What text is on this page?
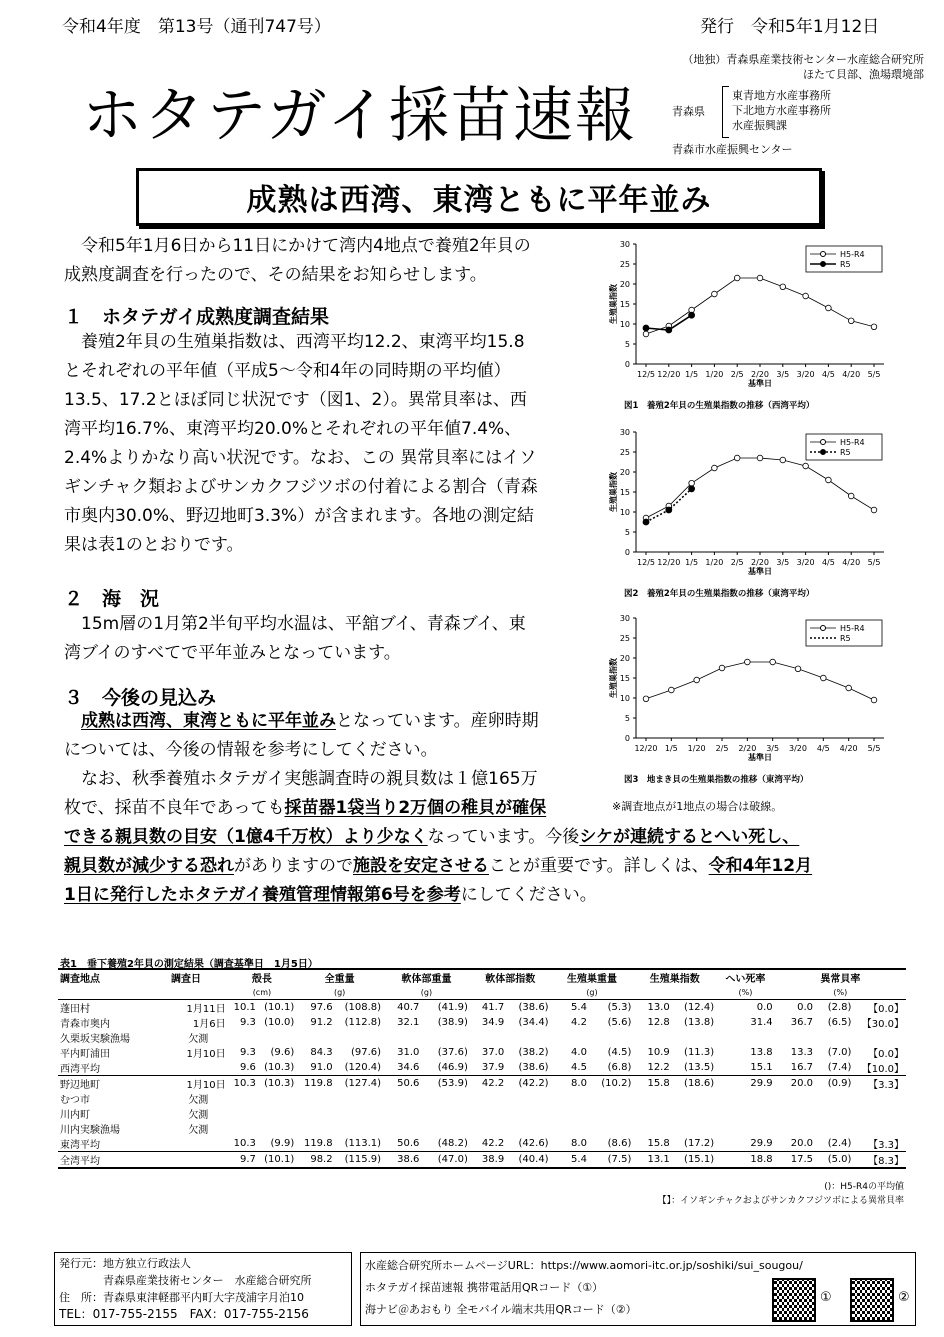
令和4年度　第13号（通刊747号）	発行　令和5年1月12日
ホタテガイ採苗速報
（地独）青森県産業技術センター水産総合研究所
ほたて貝部、漁場環境部
青森県
東青地方水産事務所
下北地方水産事務所
水産振興課
青森市水産振興センター
成熟は西湾、東湾ともに平年並み
令和5年1月6日から11日にかけて湾内4地点で養殖2年貝の
成熟度調査を行ったので、その結果をお知らせします。
１　ホタテガイ成熟度調査結果
養殖2年貝の生殖巣指数は、西湾平均12.2、東湾平均15.8
とそれぞれの平年値（平成5～令和4年の同時期の平均値）
13.5、17.2とほぼ同じ状況です（図1、2）。異常貝率は、西
湾平均16.7%、東湾平均20.0%とそれぞれの平年値7.4%、
2.4%よりかなり高い状況です。なお、この 異常貝率にはイソ
ギンチャク類およびサンカクフジツボの付着による割合（青森
市奥内30.0%、野辺地町3.3%）が含まれます。各地の測定結
果は表1のとおりです。
２　海　況
15m層の1月第2半旬平均水温は、平舘ブイ、青森ブイ、東
湾ブイのすべてで平年並みとなっています。
３　今後の見込み
成熟は西湾、東湾ともに平年並みとなっています。産卵時期
については、今後の情報を参考にしてください。
なお、秋季養殖ホタテガイ実態調査時の親貝数は１億165万
枚で、採苗不良年であっても採苗器1袋当り2万個の稚貝が確保
できる親貝数の目安（1億4千万枚）より少なくなっています。今後シケが連続するとへい死し、
親貝数が減少する恐れがありますので施設を安定させることが重要です。詳しくは、令和4年12月
1日に発行したホタテガイ養殖管理情報第6号を参考にしてください。
0
5
10
15
20
25
30
12/5 12/20 1/5 1/20 2/5 2/20 3/5 3/20 4/5 4/20 5/5
基準日
生殖巣指数
図1　養殖2年貝の生殖巣指数の推移（西湾平均）
H5-R4
R5
0
5
10
15
20
25
30
12/5 12/20 1/5 1/20 2/5 2/20 3/5 3/20 4/5 4/20 5/5
基準日
生殖巣指数
図2　養殖2年貝の生殖巣指数の推移（東湾平均）
H5-R4
R5
0
5
10
15
20
25
30
12/20 1/5 1/20 2/5 2/20 3/5 3/20 4/5 4/20 5/5
基準日
生殖巣指数
図3　地まき貝の生殖巣指数の推移（東湾平均）
H5-R4
R5
※調査地点が1地点の場合は破線。
表1　垂下養殖2年貝の測定結果（調査基準日　1月5日）
調査地点	調査日	殻長		全重量		軟体部重量		軟体部指数		生殖巣重量		生殖巣指数		へい死率	異常貝率		
		(cm)		(g)		(g)				(g)				(%)	(%)		
蓬田村	1月11日	10.1	(10.1)	97.6	(108.8)	40.7	(41.9)	41.7	(38.6)	5.4	(5.3)	13.0	(12.4)	0.0	0.0	(2.8)	【0.0】
青森市奥内	1月6日	9.3	(10.0)	91.2	(112.8)	32.1	(38.9)	34.9	(34.4)	4.2	(5.6)	12.8	(13.8)	31.4	36.7	(6.5)	【30.0】
久栗坂実験漁場	欠測																
平内町浦田	1月10日	9.3	(9.6)	84.3	(97.6)	31.0	(37.6)	37.0	(38.2)	4.0	(4.5)	10.9	(11.3)	13.8	13.3	(7.0)	【0.0】
西湾平均		9.6	(10.3)	91.0	(120.4)	34.6	(46.9)	37.9	(38.6)	4.5	(6.8)	12.2	(13.5)	15.1	16.7	(7.4)	【10.0】
野辺地町	1月10日	10.3	(10.3)	119.8	(127.4)	50.6	(53.9)	42.2	(42.2)	8.0	(10.2)	15.8	(18.6)	29.9	20.0	(0.9)	【3.3】
むつ市	欠測																
川内町	欠測																
川内実験漁場	欠測																
東湾平均		10.3	(9.9)	119.8	(113.1)	50.6	(48.2)	42.2	(42.6)	8.0	(8.6)	15.8	(17.2)	29.9	20.0	(2.4)	【3.3】
全湾平均		9.7	(10.1)	98.2	(115.9)	38.6	(47.0)	38.9	(40.4)	5.4	(7.5)	13.1	(15.1)	18.8	17.5	(5.0)	【8.3】
()：H5-R4の平均値
【】：イソギンチャクおよびサンカクフジツボによる異常貝率
発行元：地方独立行政法人
　　　　青森県産業技術センター　水産総合研究所
住　所：青森県東津軽郡平内町大字茂浦字月泊10
TEL：017-755-2155　FAX：017-755-2156
水産総合研究所ホームページURL：https://www.aomori-itc.or.jp/soshiki/sui_sougou/
ホタテガイ採苗速報 携帯電話用QRコード（①）
海ナビ＠あおもり 全モバイル端末共用QRコード（②）
①	②
